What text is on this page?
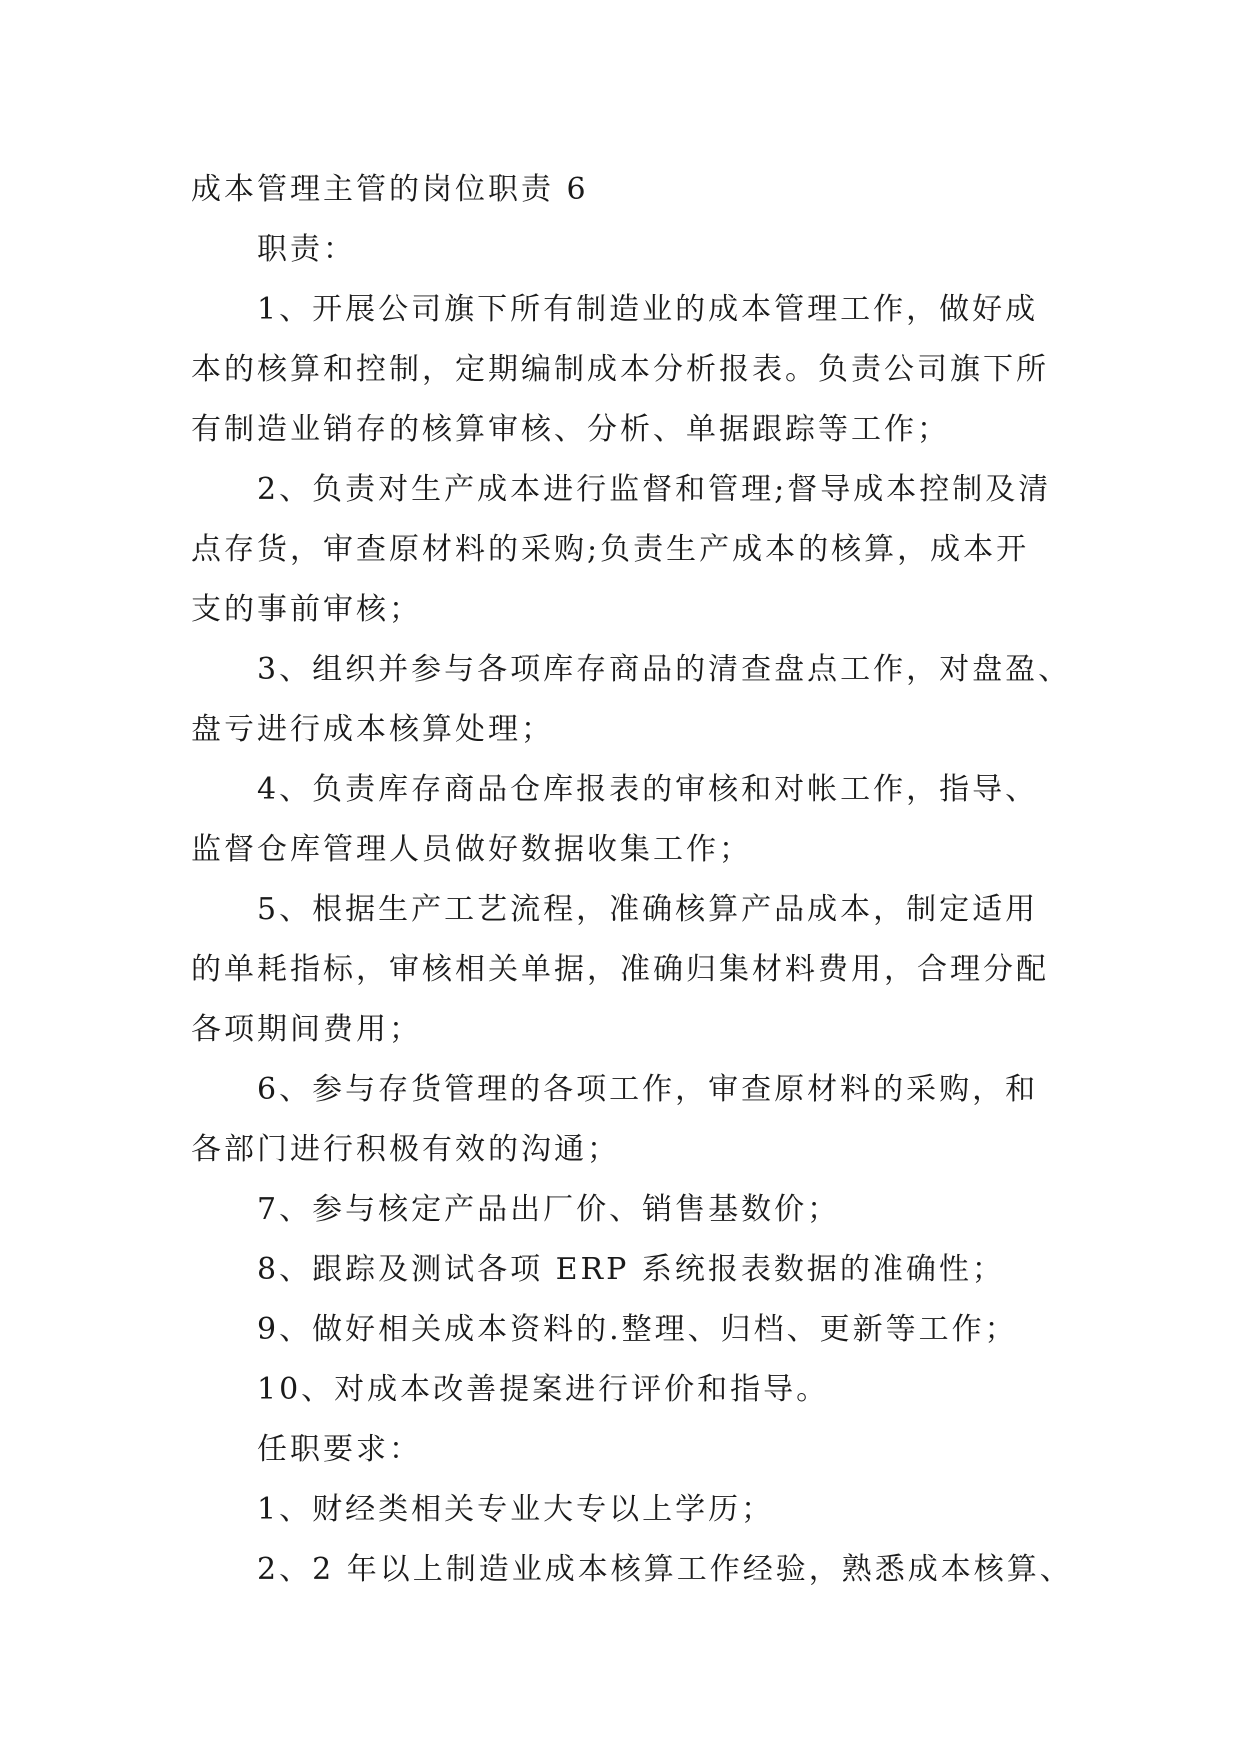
成本管理主管的岗位职责 6
职责：
1、开展公司旗下所有制造业的成本管理工作，做好成
本的核算和控制，定期编制成本分析报表。负责公司旗下所
有制造业销存的核算审核、分析、单据跟踪等工作；
2、负责对生产成本进行监督和管理;督导成本控制及清
点存货，审查原材料的采购;负责生产成本的核算，成本开
支的事前审核；
3、组织并参与各项库存商品的清查盘点工作，对盘盈、
盘亏进行成本核算处理；
4、负责库存商品仓库报表的审核和对帐工作，指导、
监督仓库管理人员做好数据收集工作；
5、根据生产工艺流程，准确核算产品成本，制定适用
的单耗指标，审核相关单据，准确归集材料费用，合理分配
各项期间费用；
6、参与存货管理的各项工作，审查原材料的采购，和
各部门进行积极有效的沟通；
7、参与核定产品出厂价、销售基数价；
8、跟踪及测试各项 ERP 系统报表数据的准确性；
9、做好相关成本资料的.整理、归档、更新等工作；
10、对成本改善提案进行评价和指导。
任职要求：
1、财经类相关专业大专以上学历；
2、2 年以上制造业成本核算工作经验，熟悉成本核算、
